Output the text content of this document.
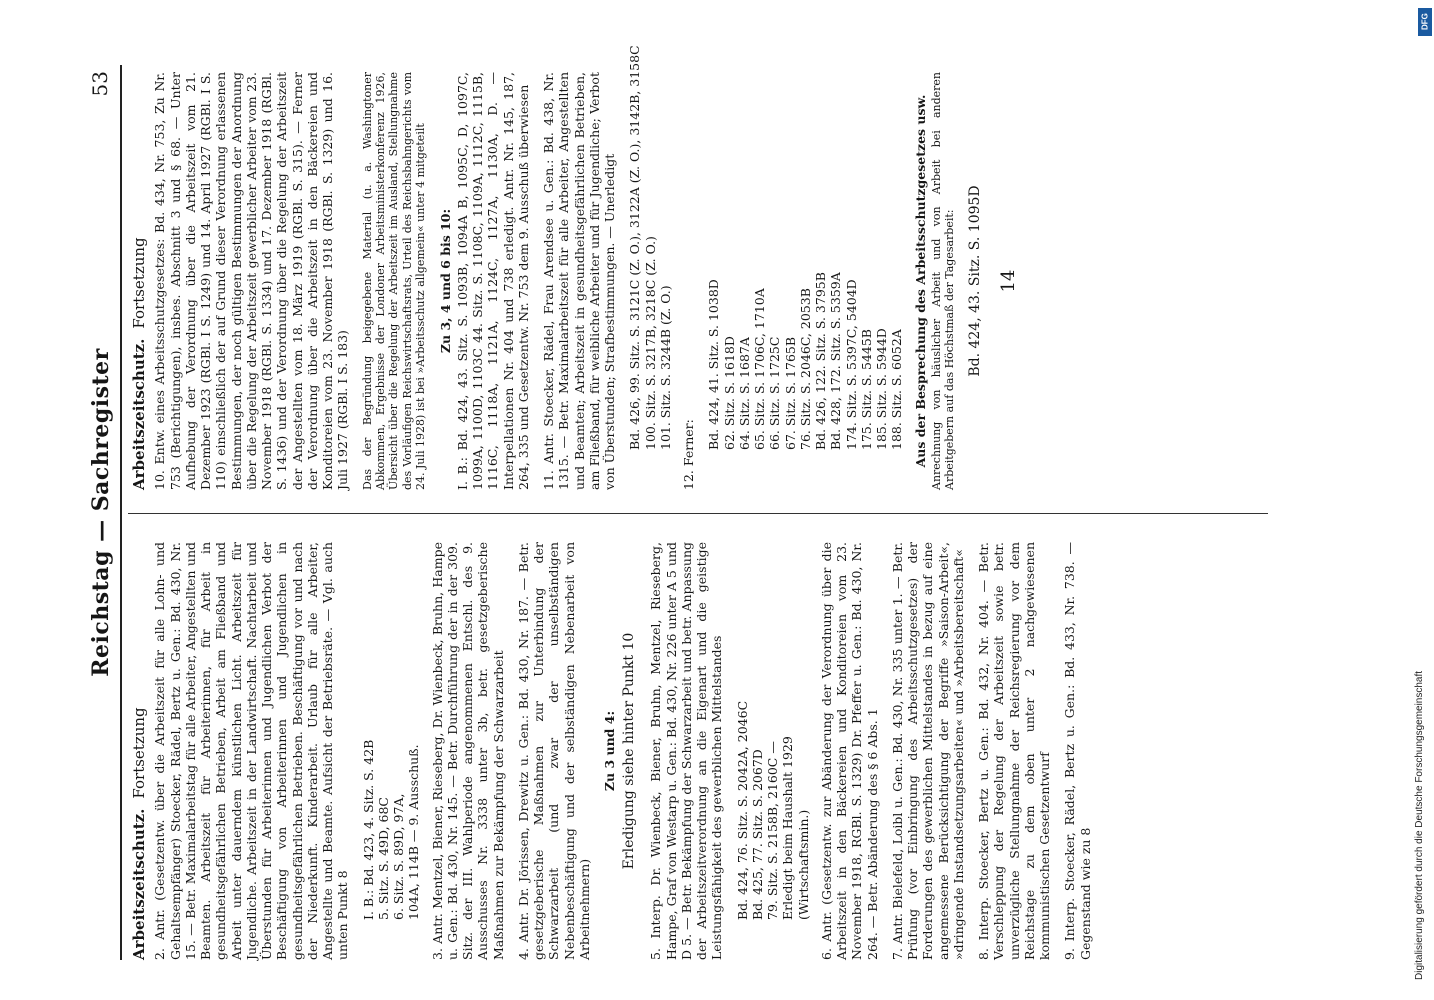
Reichstag — Sachregister
53
Arbeitszeitschutz.Fortsetzung 2. Antr. (Gesetzentw. über die Arbeitszeit für alle Lohn- und Gehaltsempfänger) Stoecker, Rädel, Bertz u. Gen.: Bd. 430, Nr. 15. — Betr. Maximalarbeitstag für alle Arbeiter, Angestellten und Beamten. Arbeitszeit für Arbeiterinnen, für Arbeit in gesundheitsgefährlichen Betrieben, Arbeit am Fließband und Arbeit unter dauerndem künstlichen Licht. Arbeitszeit für Jugendliche. Arbeitszeit in der Landwirtschaft. Nachtarbeit und Überstunden für Arbeiterinnen und Jugendlichen Verbot der Beschäftigung von Arbeiterinnen und Jugendlichen in gesundheitsgefährlichen Betrieben. Beschäftigung vor und nach der Niederkunft. Kinderarbeit. Urlaub für alle Arbeiter, Angestellte und Beamte. Aufsicht der Betriebsräte. — Vgl. auch unten Punkt 8 I. B.: Bd. 423, 4. Sitz. S. 42B 5. Sitz. S. 49D, 68C 6. Sitz. S. 89D, 97A, 104A, 114B — 9. Ausschuß. 3. Antr. Mentzel, Biener, Rieseberg, Dr. Wienbeck, Bruhn, Hampe u. Gen.: Bd. 430, Nr. 145. — Betr. Durchführung der in der 309. Sitz. der III. Wahlperiode angenommenen Entschl. des 9. Ausschusses Nr. 3338 unter 3b, betr. gesetzgeberische Maßnahmen zur Bekämpfung der Schwarzarbeit 4. Antr. Dr. Jörissen, Drewitz u. Gen.: Bd. 430, Nr. 187. — Betr. gesetzgeberische Maßnahmen zur Unterbindung der Schwarzarbeit (und zwar der unselbständigen Nebenbeschäftigung und der selbständigen Nebenarbeit von Arbeitnehmern)
Zu 3 und 4: Erledigung siehe hinter Punkt 10 5. Interp. Dr. Wienbeck, Biener, Bruhn, Mentzel, Rieseberg, Hampe, Graf von Westarp u. Gen.: Bd. 430, Nr. 226 unter A 5 und D 5. — Betr. Bekämpfung der Schwarzarbeit und betr. Anpassung der Arbeitszeitverordnung an die Eigenart und die geistige Leistungsfähigkeit des gewerblichen Mittelstandes Bd. 424, 76. Sitz. S. 2042A, 2046C Bd. 425, 77. Sitz. S. 2067D 79. Sitz. S. 2158B, 2160C — Erledigt beim Haushalt 1929 (Wirtschaftsmin.) 6. Antr. (Gesetzentw. zur Abänderung der Verordnung über die Arbeitszeit in den Bäckereien und Konditoreien vom 23. November 1918, RGBl. S. 1329) Dr. Pfeffer u. Gen.: Bd. 430, Nr. 264. — Betr. Abänderung des § 6 Abs. 1 7. Antr. Bielefeld, Loibl u. Gen.: Bd. 430, Nr. 335 unter 1. — Betr. Prüfung (vor Einbringung des Arbeitsschutzgesetzes) der Forderungen des gewerblichen Mittelstandes in bezug auf eine angemessene Berücksichtigung der Begriffe »Saison-Arbeit«, »dringende Instandsetzungsarbeiten« und »Arbeitsbereitschaft« 8. Interp. Stoecker, Bertz u. Gen.: Bd. 432, Nr. 404. — Betr. Verschleppung der Regelung der Arbeitszeit sowie betr. unverzügliche Stellungnahme der Reichsregierung vor dem Reichstage zu dem oben unter 2 nachgewiesenen kommunistischen Gesetzentwurf 9. Interp. Stoecker, Rädel, Bertz u. Gen.: Bd. 433, Nr. 738. — Gegenstand wie zu 8
Arbeitszeitschutz.Fortsetzung 10. Entw. eines Arbeitsschutzgesetzes: Bd. 434, Nr. 753, Zu Nr. 753 (Berichtigungen), insbes. Abschnitt 3 und § 68. — Unter Aufhebung der Verordnung über die Arbeitszeit vom 21. Dezember 1923 (RGBl. I S. 1249) und 14. April 1927 (RGBl. I S. 110) einschließlich der auf Grund dieser Verordnung erlassenen Bestimmungen, der noch gültigen Bestimmungen der Anordnung über die Regelung der Arbeitszeit gewerblicher Arbeiter vom 23. November 1918 (RGBl. S. 1334) und 17. Dezember 1918 (RGBl. S. 1436) und der Verordnung über die Regelung der Arbeitszeit der Angestellten vom 18. März 1919 (RGBl. S. 315). — Ferner der Verordnung über die Arbeitszeit in den Bäckereien und Konditoreien vom 23. November 1918 (RGBl. S. 1329) und 16. Juli 1927 (RGBl. I S. 183) Das der Begründung beigegebene Material (u. a. Washingtoner Abkommen, Ergebnisse der Londoner Arbeitsministerkonferenz 1926, Übersicht über die Regelung der Arbeitszeit im Ausland, Stellungnahme des Vorläufigen Reichswirtschaftsrats, Urteil des Reichsbahngerichts vom 24. Juli 1928) ist bei »Arbeitsschutz allgemein« unter 4 mitgeteilt Zu 3, 4 und 6 bis 10: I. B.: Bd. 424, 43. Sitz. S. 1093B, 1094A B, 1095C, D, 1097C, 1099A, 1100D, 1103C 44. Sitz. S. 1108C, 1109A, 1112C, 1115B, 1116C, 1118A, 1121A, 1124C, 1127A, 1130A, D. — Interpellationen Nr. 404 und 738 erledigt. Antr. Nr. 145, 187, 264, 335 und Gesetzentw. Nr. 753 dem 9. Ausschuß überwiesen 11. Antr. Stoecker, Rädel, Frau Arendsee u. Gen.: Bd. 438, Nr. 1315. — Betr. Maximalarbeitszeit für alle Arbeiter, Angestellten und Beamten; Arbeitszeit in gesundheitsgefährlichen Betrieben, am Fließband, für weibliche Arbeiter und für Jugendliche; Verbot von Überstunden; Strafbestimmungen. — Unerledigt Bd. 426, 99. Sitz. S. 3121C (Z. O.), 3122A (Z. O.), 3142B, 3158C 100. Sitz. S. 3217B, 3218C (Z. O.) 101. Sitz. S. 3244B (Z. O.)
12. Ferner:
Bd. 424, 41. Sitz. S. 1038D 62. Sitz. S. 1618D 64. Sitz. S. 1687A 65. Sitz. S. 1706C, 1710A 66. Sitz. S. 1725C 67. Sitz. S. 1765B 76. Sitz. S. 2046C, 2053B Bd. 426, 122. Sitz. S. 3795B Bd. 428, 172. Sitz. S. 5359A 174. Sitz. S. 5397C, 5404D 175. Sitz. S. 5445B 185. Sitz. S. 5944D 188. Sitz. S. 6052A Aus der Besprechung des Arbeitsschutzgesetzes usw. Anrechnung von häuslicher Arbeit und von Arbeit bei anderen Arbeitgebern auf das Höchstmaß der Tagesarbeit: Bd. 424, 43. Sitz. S. 1095D 14
DFG
Digitalisierung gefördert durch die Deutsche Forschungsgemeinschaft
